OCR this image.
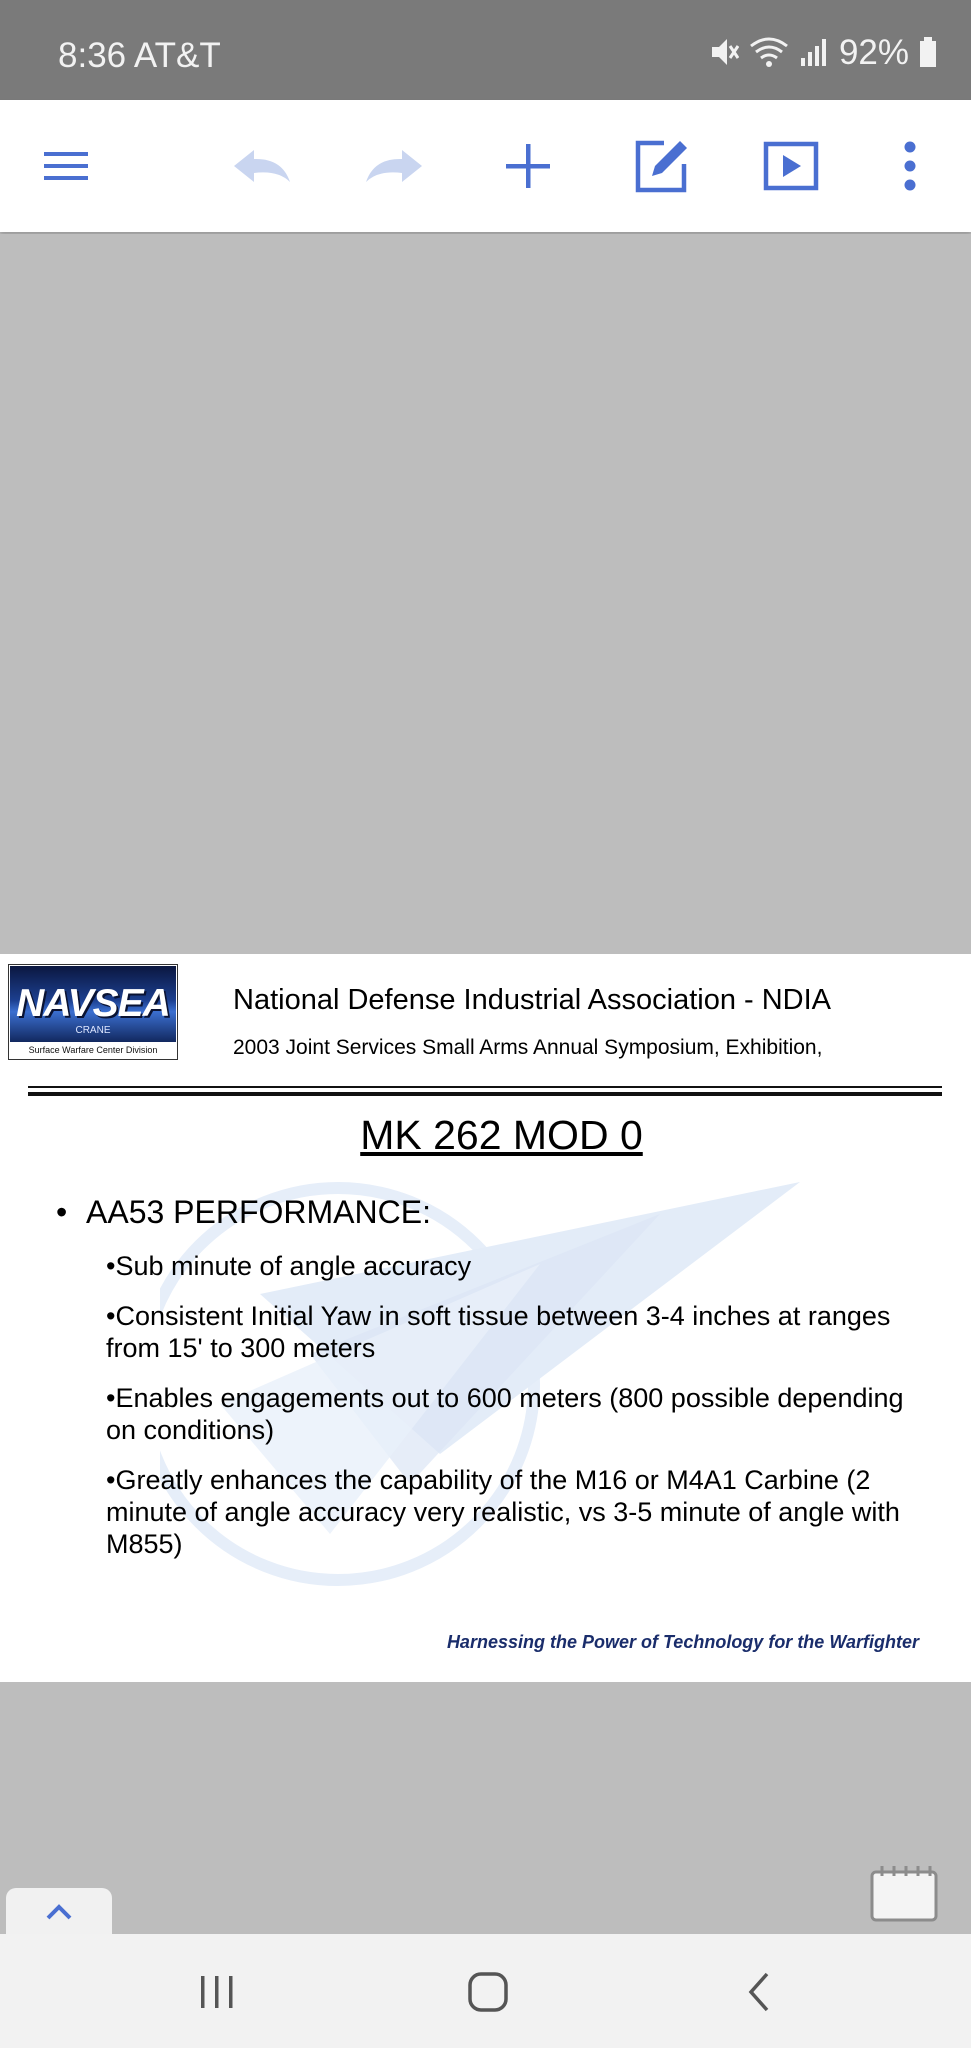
8:36 AT&T	92%
NAVSEA
CRANE
Surface Warfare Center Division
National Defense Industrial Association - NDIA
2003 Joint Services Small Arms Annual Symposium, Exhibition,
MK 262 MOD 0
• AA53 PERFORMANCE:
•Sub minute of angle accuracy
•Consistent Initial Yaw in soft tissue between 3-4 inches at ranges from 15' to 300 meters
•Enables engagements out to 600 meters (800 possible depending on conditions)
•Greatly enhances the capability of the M16 or M4A1 Carbine (2 minute of angle accuracy very realistic, vs 3-5 minute of angle with M855)
Harnessing the Power of Technology for the Warfighter
